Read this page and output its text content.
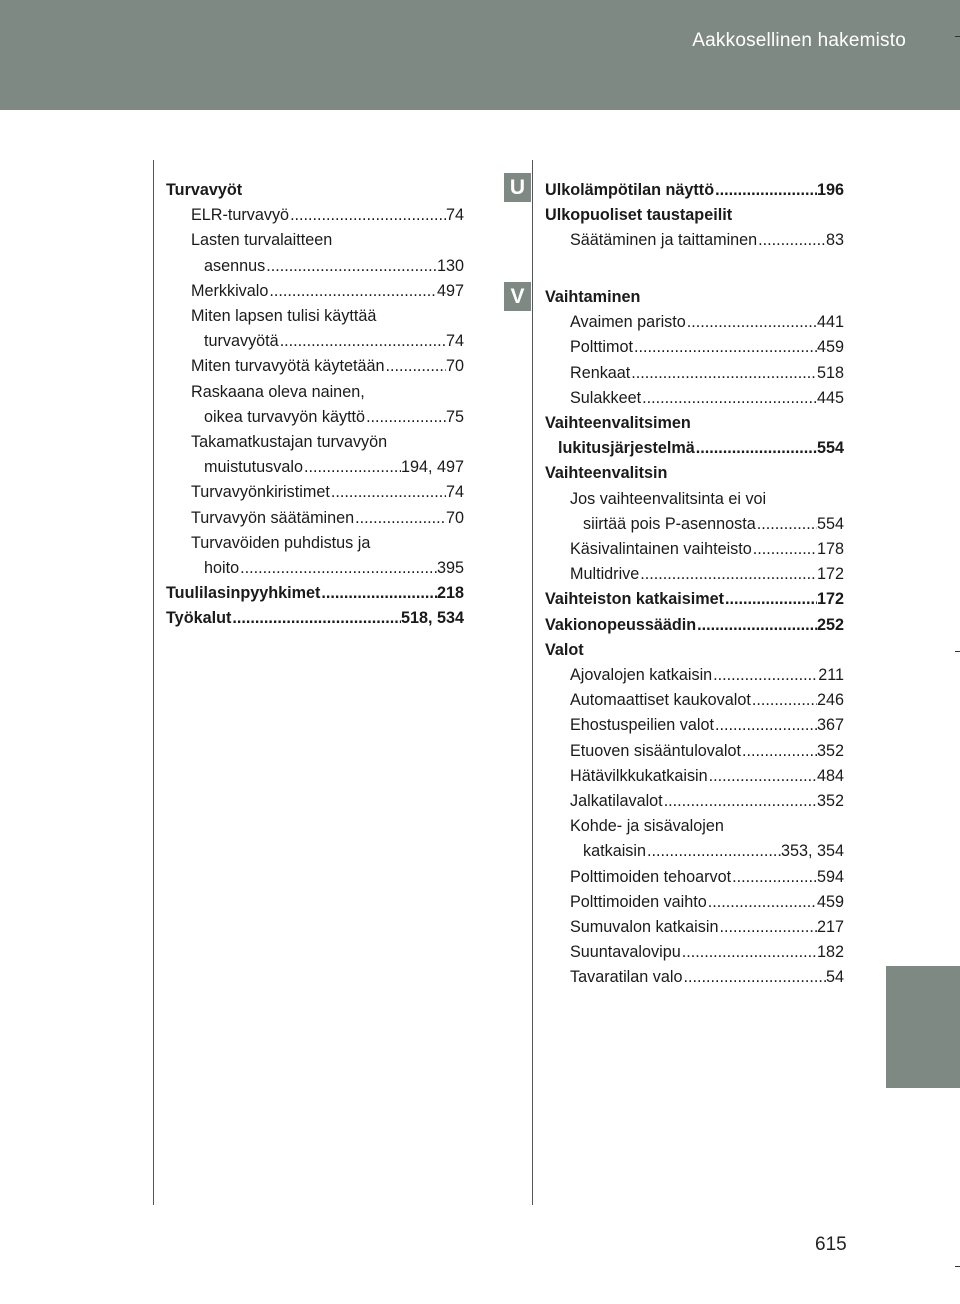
Aakkosellinen hakemisto
Turvavyöt
ELR-turvavyö .....	74
Lasten turvalaitteen
asennus .....	130
Merkkivalo .....	497
Miten lapsen tulisi käyttää
turvavyötä .....	74
Miten turvavyötä käytetään .....	70
Raskaana oleva nainen,
oikea turvavyön käyttö .....	75
Takamatkustajan turvavyön
muistutusvalo .....	194, 497
Turvavyönkiristimet .....	74
Turvavyön säätäminen .....	70
Turvavöiden puhdistus ja
hoito .....	395
Tuulilasinpyyhkimet .....	218
Työkalut .....	518, 534
U
V
Ulkolämpötilan näyttö .....	196
Ulkopuoliset taustapeilit
Säätäminen ja taittaminen .....	83
Vaihtaminen
Avaimen paristo .....	441
Polttimot .....	459
Renkaat .....	518
Sulakkeet .....	445
Vaihteenvalitsimen
lukitusjärjestelmä .....	554
Vaihteenvalitsin
Jos vaihteenvalitsinta ei voi
siirtää pois P-asennosta .....	554
Käsivalintainen vaihteisto .....	178
Multidrive .....	172
Vaihteiston katkaisimet .....	172
Vakionopeussäädin .....	252
Valot
Ajovalojen katkaisin .....	211
Automaattiset kaukovalot .....	246
Ehostuspeilien valot .....	367
Etuoven sisääntulovalot .....	352
Hätävilkkukatkaisin .....	484
Jalkatilavalot .....	352
Kohde- ja sisävalojen
katkaisin .....	353, 354
Polttimoiden tehoarvot .....	594
Polttimoiden vaihto .....	459
Sumuvalon katkaisin .....	217
Suuntavalovipu .....	182
Tavaratilan valo .....	54
615
